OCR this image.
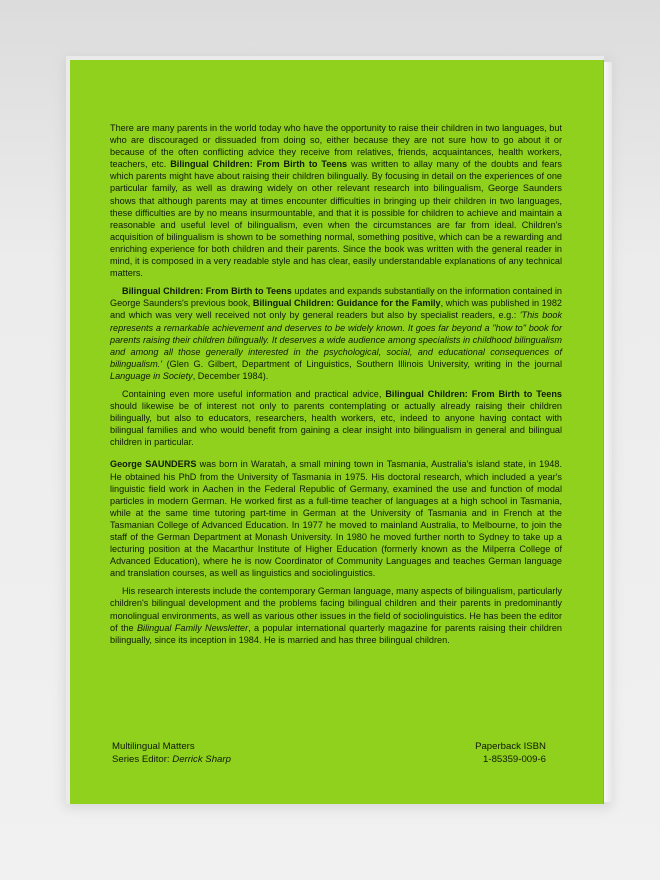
There are many parents in the world today who have the opportunity to raise their children in two languages, but who are discouraged or dissuaded from doing so, either because they are not sure how to go about it or because of the often conflicting advice they receive from relatives, friends, acquaintances, health workers, teachers, etc. Bilingual Children: From Birth to Teens was written to allay many of the doubts and fears which parents might have about raising their children bilingually. By focusing in detail on the experiences of one particular family, as well as drawing widely on other relevant research into bilingualism, George Saunders shows that although parents may at times encounter difficulties in bringing up their children in two languages, these difficulties are by no means insurmountable, and that it is possible for children to achieve and maintain a reasonable and useful level of bilingualism, even when the circumstances are far from ideal. Children's acquisition of bilingualism is shown to be something normal, something positive, which can be a rewarding and enriching experience for both children and their parents. Since the book was written with the general reader in mind, it is composed in a very readable style and has clear, easily understandable explanations of any technical matters.

Bilingual Children: From Birth to Teens updates and expands substantially on the information contained in George Saunders's previous book, Bilingual Children: Guidance for the Family, which was published in 1982 and which was very well received not only by general readers but also by specialist readers, e.g.: 'This book represents a remarkable achievement and deserves to be widely known. It goes far beyond a "how to" book for parents raising their children bilingually. It deserves a wide audience among specialists in childhood bilingualism and among all those generally interested in the psychological, social, and educational consequences of bilingualism.' (Glen G. Gilbert, Department of Linguistics, Southern Illinois University, writing in the journal Language in Society, December 1984).

Containing even more useful information and practical advice, Bilingual Children: From Birth to Teens should likewise be of interest not only to parents contemplating or actually already raising their children bilingually, but also to educators, researchers, health workers, etc, indeed to anyone having contact with bilingual families and who would benefit from gaining a clear insight into bilingualism in general and bilingual children in particular.

George SAUNDERS was born in Waratah, a small mining town in Tasmania, Australia's island state, in 1948. He obtained his PhD from the University of Tasmania in 1975. His doctoral research, which included a year's linguistic field work in Aachen in the Federal Republic of Germany, examined the use and function of modal particles in modern German. He worked first as a full-time teacher of languages at a high school in Tasmania, while at the same time tutoring part-time in German at the University of Tasmania and in French at the Tasmanian College of Advanced Education. In 1977 he moved to mainland Australia, to Melbourne, to join the staff of the German Department at Monash University. In 1980 he moved further north to Sydney to take up a lecturing position at the Macarthur Institute of Higher Education (formerly known as the Milperra College of Advanced Education), where he is now Coordinator of Community Languages and teaches German language and translation courses, as well as linguistics and sociolinguistics.

His research interests include the contemporary German language, many aspects of bilingualism, particularly children's bilingual development and the problems facing bilingual children and their parents in predominantly monolingual environments, as well as various other issues in the field of sociolinguistics. He has been the editor of the Bilingual Family Newsletter, a popular international quarterly magazine for parents raising their children bilingually, since its inception in 1984. He is married and has three bilingual children.

Multilingual Matters
Series Editor: Derrick Sharp
Paperback ISBN
1-85359-009-6
